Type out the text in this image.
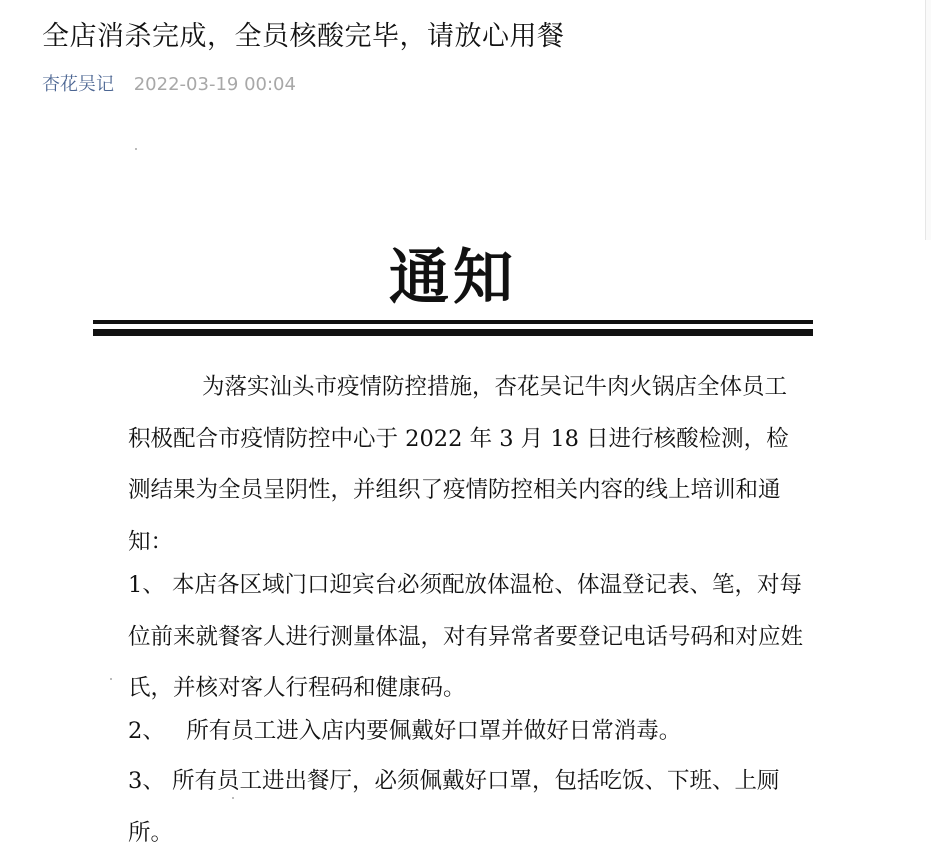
全店消杀完成，全员核酸完毕，请放心用餐
杏花吴记 2022-03-19 00:04
通知

为落实汕头市疫情防控措施，杏花吴记牛肉火锅店全体员工积极配合市疫情防控中心于 2022 年 3 月 18 日进行核酸检测，检测结果为全员呈阴性，并组织了疫情防控相关内容的线上培训和通知：

1、 本店各区域门口迎宾台必须配放体温枪、体温登记表、笔，对每位前来就餐客人进行测量体温，对有异常者要登记电话号码和对应姓氏，并核对客人行程码和健康码。

2、   所有员工进入店内要佩戴好口罩并做好日常消毒。

3、 所有员工进出餐厅，必须佩戴好口罩，包括吃饭、下班、上厕所。
